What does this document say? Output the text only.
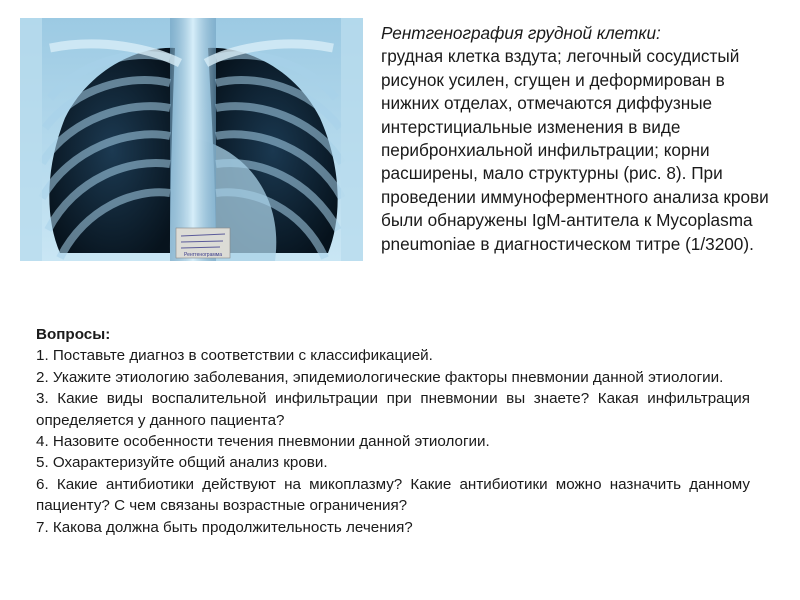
Рентгенограмма
Рентгенография грудной клетки:
грудная клетка вздута; легочный сосудистый рисунок усилен, сгущен и деформирован в нижних отделах, отмечаются диффузные интерстициальные изменения в виде перибронхиальной инфильтрации; корни расширены, мало структурны (рис. 8). При проведении иммуноферментного анализа крови были обнаружены IgM-антитела к Mycoplasma pneumoniae в диагностическом титре (1/3200).
Вопросы:
1. Поставьте диагноз в соответствии с классификацией.
2. Укажите этиологию заболевания, эпидемиологические факторы пневмонии данной этиологии.
3. Какие виды воспалительной инфильтрации при пневмонии вы знаете? Какая инфильтрация определяется у данного пациента?
4. Назовите особенности течения пневмонии данной этиологии.
5. Охарактеризуйте общий анализ крови.
6. Какие антибиотики действуют на микоплазму? Какие антибиотики можно назначить данному пациенту? С чем связаны возрастные ограничения?
7. Какова должна быть продолжительность лечения?
